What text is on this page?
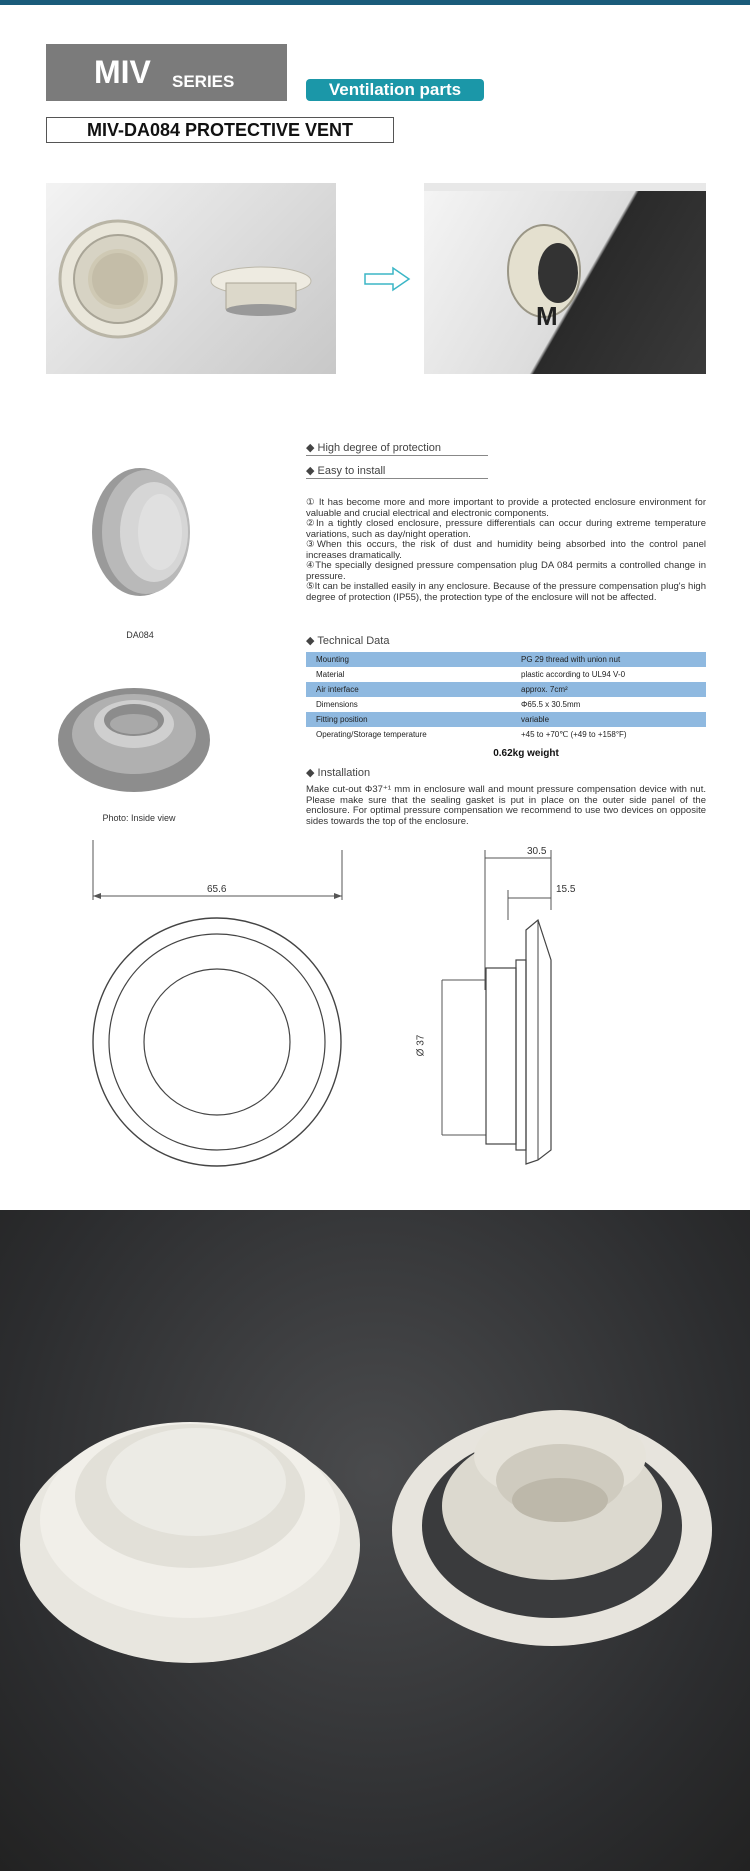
MIV SERIES	Ventilation parts
MIV-DA084 PROTECTIVE VENT
M
DA084
Photo: Inside view
◆ High degree of protection
◆ Easy to install
① It has become more and more important to provide a protected enclosure environment for valuable and crucial electrical and electronic components.
②In a tightly closed enclosure, pressure differentials can occur during extreme temperature variations, such as day/night operation.
③When this occurs, the risk of dust and humidity being absorbed into the control panel increases dramatically.
④The specially designed pressure compensation plug DA 084 permits a controlled change in pressure.
⑤It can be installed easily in any enclosure. Because of the pressure compensation plug's high degree of protection (IP55), the protection type of the enclosure will not be affected.
◆ Technical Data
Mounting	PG 29 thread with union nut
Material	plastic according to UL94 V-0
Air interface	approx. 7cm²
Dimensions	Φ65.5 x 30.5mm
Fitting position	variable
Operating/Storage temperature	+45 to +70℃ (+49 to +158°F)
0.62kg weight
◆ Installation
Make cut-out Φ37⁺¹ mm in enclosure wall and mount pressure compensation device with nut. Please make sure that the sealing gasket is put in place on the outer side panel of the enclosure. For optimal pressure compensation we recommend to use two devices on opposite sides towards the top of the enclosure.
65.6
30.5
15.5
Ø 37
